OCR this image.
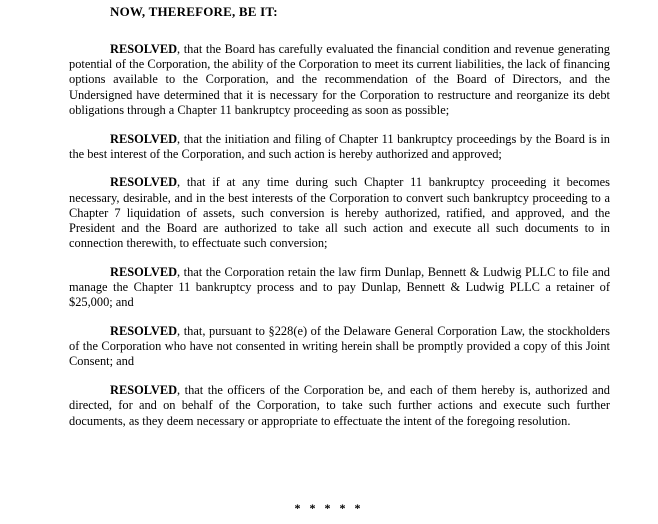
NOW, THEREFORE, BE IT:

RESOLVED, that the Board has carefully evaluated the financial condition and revenue generating potential of the Corporation, the ability of the Corporation to meet its current liabilities, the lack of financing options available to the Corporation, and the recommendation of the Board of Directors, and the Undersigned have determined that it is necessary for the Corporation to restructure and reorganize its debt obligations through a Chapter 11 bankruptcy proceeding as soon as possible;

RESOLVED, that the initiation and filing of Chapter 11 bankruptcy proceedings by the Board is in the best interest of the Corporation, and such action is hereby authorized and approved;

RESOLVED, that if at any time during such Chapter 11 bankruptcy proceeding it becomes necessary, desirable, and in the best interests of the Corporation to convert such bankruptcy proceeding to a Chapter 7 liquidation of assets, such conversion is hereby authorized, ratified, and approved, and the President and the Board are authorized to take all such action and execute all such documents to in connection therewith, to effectuate such conversion;

RESOLVED, that the Corporation retain the law firm Dunlap, Bennett & Ludwig PLLC to file and manage the Chapter 11 bankruptcy process and to pay Dunlap, Bennett & Ludwig PLLC a retainer of $25,000; and

RESOLVED, that, pursuant to §228(e) of the Delaware General Corporation Law, the stockholders of the Corporation who have not consented in writing herein shall be promptly provided a copy of this Joint Consent; and

RESOLVED, that the officers of the Corporation be, and each of them hereby is, authorized and directed, for and on behalf of the Corporation, to take such further actions and execute such further documents, as they deem necessary or appropriate to effectuate the intent of the foregoing resolution.

* * * * *
